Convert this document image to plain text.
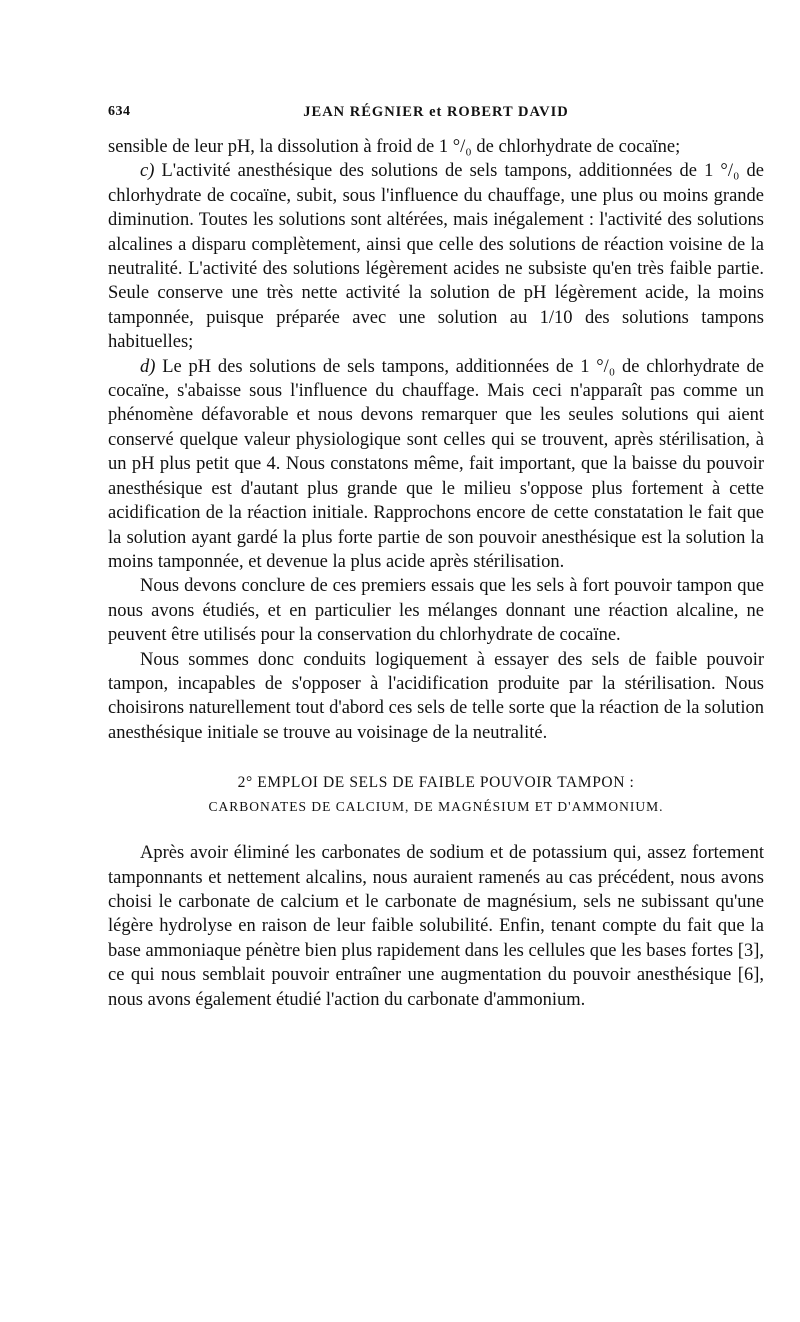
634	JEAN RÉGNIER et ROBERT DAVID

sensible de leur pH, la dissolution à froid de 1 °/₀ de chlorhydrate de cocaïne;

c) L'activité anesthésique des solutions de sels tampons, additionnées de 1 °/₀ de chlorhydrate de cocaïne, subit, sous l'influence du chauffage, une plus ou moins grande diminution. Toutes les solutions sont altérées, mais inégalement : l'activité des solutions alcalines a disparu complètement, ainsi que celle des solutions de réaction voisine de la neutralité. L'activité des solutions légèrement acides ne subsiste qu'en très faible partie. Seule conserve une très nette activité la solution de pH légèrement acide, la moins tamponnée, puisque préparée avec une solution au 1/10 des solutions tampons habituelles;

d) Le pH des solutions de sels tampons, additionnées de 1 °/₀ de chlorhydrate de cocaïne, s'abaisse sous l'influence du chauffage. Mais ceci n'apparaît pas comme un phénomène défavorable et nous devons remarquer que les seules solutions qui aient conservé quelque valeur physiologique sont celles qui se trouvent, après stérilisation, à un pH plus petit que 4. Nous constatons même, fait important, que la baisse du pouvoir anesthésique est d'autant plus grande que le milieu s'oppose plus fortement à cette acidification de la réaction initiale. Rapprochons encore de cette constatation le fait que la solution ayant gardé la plus forte partie de son pouvoir anesthésique est la solution la moins tamponnée, et devenue la plus acide après stérilisation.

Nous devons conclure de ces premiers essais que les sels à fort pouvoir tampon que nous avons étudiés, et en particulier les mélanges donnant une réaction alcaline, ne peuvent être utilisés pour la conservation du chlorhydrate de cocaïne.

Nous sommes donc conduits logiquement à essayer des sels de faible pouvoir tampon, incapables de s'opposer à l'acidification produite par la stérilisation. Nous choisirons naturellement tout d'abord ces sels de telle sorte que la réaction de la solution anesthésique initiale se trouve au voisinage de la neutralité.

2° EMPLOI DE SELS DE FAIBLE POUVOIR TAMPON :
CARBONATES DE CALCIUM, DE MAGNÉSIUM ET D'AMMONIUM.

Après avoir éliminé les carbonates de sodium et de potassium qui, assez fortement tamponnants et nettement alcalins, nous auraient ramenés au cas précédent, nous avons choisi le carbonate de calcium et le carbonate de magnésium, sels ne subissant qu'une légère hydrolyse en raison de leur faible solubilité. Enfin, tenant compte du fait que la base ammoniaque pénètre bien plus rapidement dans les cellules que les bases fortes [3], ce qui nous semblait pouvoir entraîner une augmentation du pouvoir anesthésique [6], nous avons également étudié l'action du carbonate d'ammonium.
